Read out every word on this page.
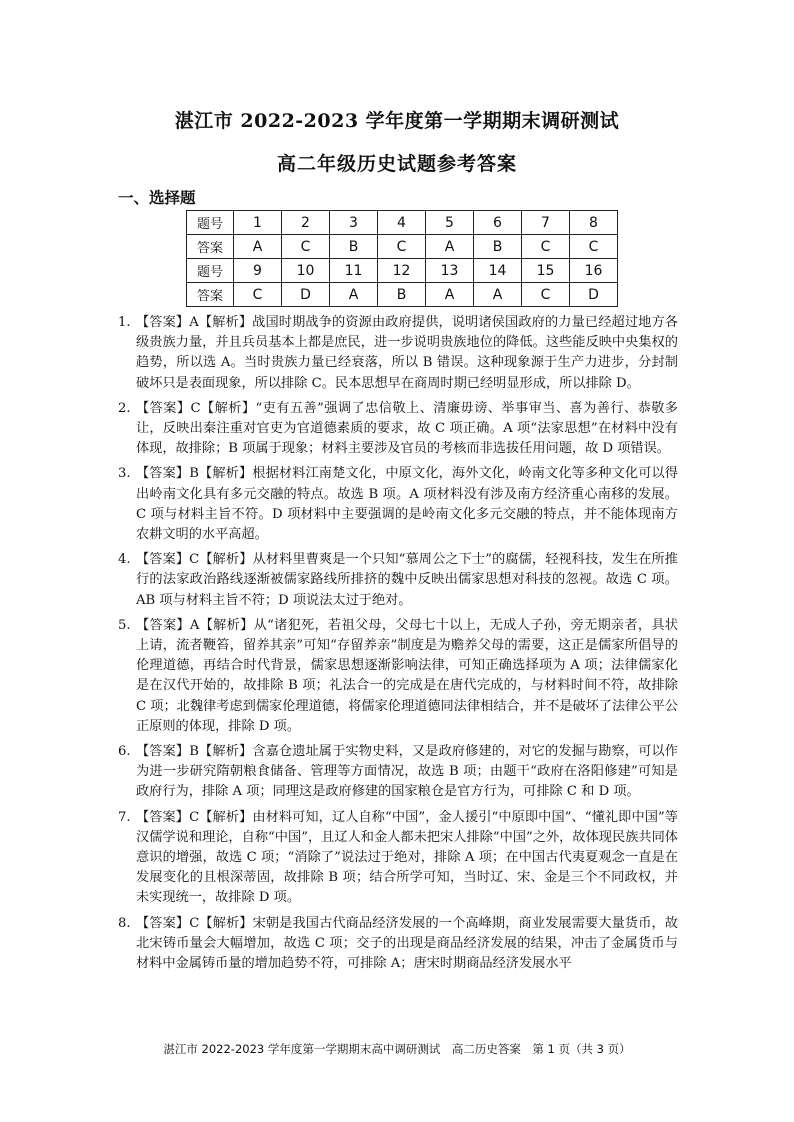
湛江市 2022-2023 学年度第一学期期末调研测试
高二年级历史试题参考答案
一、选择题
题号	1	2	3	4	5	6	7	8
答案	A	C	B	C	A	B	C	C
题号	9	10	11	12	13	14	15	16
答案	C	D	A	B	A	A	C	D
1. 【答案】A【解析】战国时期战争的资源由政府提供，说明诸侯国政府的力量已经超过地方各级贵族力量，并且兵员基本上都是庶民，进一步说明贵族地位的降低。这些能反映中央集权的趋势，所以选 A。当时贵族力量已经衰落，所以 B 错误。这种现象源于生产力进步，分封制破坏只是表面现象，所以排除 C。民本思想早在商周时期已经明显形成，所以排除 D。
2. 【答案】C【解析】“吏有五善”强调了忠信敬上、清廉毋谤、举事审当、喜为善行、恭敬多让，反映出秦注重对官吏为官道德素质的要求，故 C 项正确。A 项“法家思想”在材料中没有体现，故排除；B 项属于现象；材料主要涉及官员的考核而非选拔任用问题，故 D 项错误。
3. 【答案】B【解析】根据材料江南楚文化，中原文化，海外文化，岭南文化等多种文化可以得出岭南文化具有多元交融的特点。故选 B 项。A 项材料没有涉及南方经济重心南移的发展。C 项与材料主旨不符。D 项材料中主要强调的是岭南文化多元交融的特点，并不能体现南方农耕文明的水平高超。
4. 【答案】C【解析】从材料里曹爽是一个只知“慕周公之下士”的腐儒，轻视科技，发生在所推行的法家政治路线逐渐被儒家路线所排挤的魏中反映出儒家思想对科技的忽视。故选 C 项。AB 项与材料主旨不符；D 项说法太过于绝对。
5. 【答案】A【解析】从“诸犯死，若祖父母，父母七十以上，无成人子孙，旁无期亲者，具状上请，流者鞭笞，留养其亲”可知“存留养亲”制度是为赡养父母的需要，这正是儒家所倡导的伦理道德，再结合时代背景，儒家思想逐渐影响法律，可知正确选择项为 A 项；法律儒家化是在汉代开始的，故排除 B 项；礼法合一的完成是在唐代完成的，与材料时间不符，故排除 C 项；北魏律考虑到儒家伦理道德，将儒家伦理道德同法律相结合，并不是破坏了法律公平公正原则的体现，排除 D 项。
6. 【答案】B【解析】含嘉仓遗址属于实物史料，又是政府修建的，对它的发掘与勘察，可以作为进一步研究隋朝粮食储备、管理等方面情况，故选 B 项；由题干“政府在洛阳修建”可知是政府行为，排除 A 项；同理这是政府修建的国家粮仓是官方行为，可排除 C 和 D 项。
7. 【答案】C【解析】由材料可知，辽人自称“中国”，金人援引“中原即中国”、“懂礼即中国”等汉儒学说和理论，自称“中国”，且辽人和金人都未把宋人排除“中国”之外，故体现民族共同体意识的增强，故选 C 项；“消除了”说法过于绝对，排除 A 项；在中国古代夷夏观念一直是在发展变化的且根深蒂固，故排除 B 项；结合所学可知，当时辽、宋、金是三个不同政权，并未实现统一，故排除 D 项。
8. 【答案】C【解析】宋朝是我国古代商品经济发展的一个高峰期，商业发展需要大量货币，故北宋铸币量会大幅增加，故选 C 项；交子的出现是商品经济发展的结果，冲击了金属货币与材料中金属铸币量的增加趋势不符，可排除 A；唐宋时期商品经济发展水平
湛江市 2022-2023 学年度第一学期期末高中调研测试　高二历史答案　第 1 页（共 3 页）
